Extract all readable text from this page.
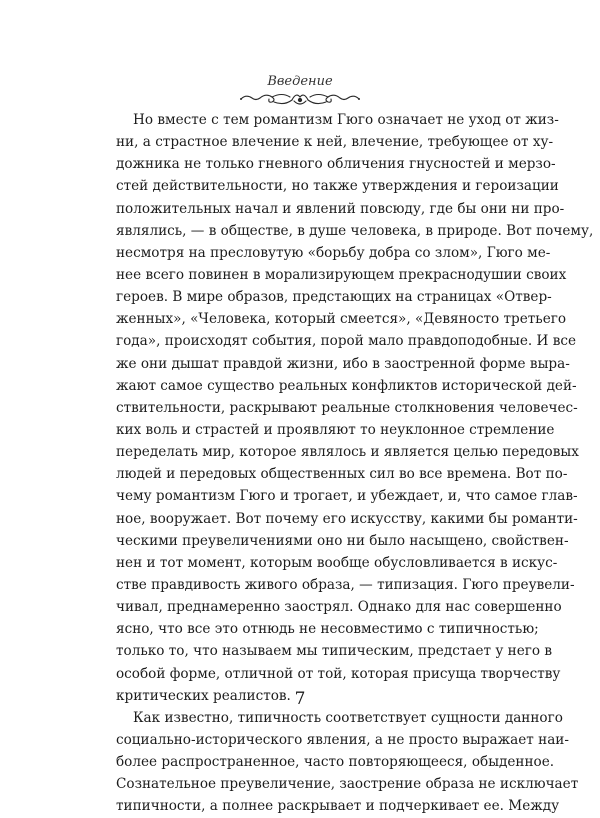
Введение
Но вместе с тем романтизм Гюго означает не уход от жиз-
ни, а страстное влечение к ней, влечение, требующее от ху-
дожника не только гневного обличения гнусностей и мерзо-
стей действительности, но также утверждения и героизации
положительных начал и явлений повсюду, где бы они ни про-
являлись, — в обществе, в душе человека, в природе. Вот почему,
несмотря на пресловутую «борьбу добра со злом», Гюго ме-
нее всего повинен в морализирующем прекраснодушии своих
героев. В мире образов, предстающих на страницах «Отвер-
женных», «Человека, который смеется», «Девяносто третьего
года», происходят события, порой мало правдоподобные. И все
же они дышат правдой жизни, ибо в заостренной форме выра-
жают самое существо реальных конфликтов исторической дей-
ствительности, раскрывают реальные столкновения человечес-
ких воль и страстей и проявляют то неуклонное стремление
переделать мир, которое являлось и является целью передовых
людей и передовых общественных сил во все времена. Вот по-
чему романтизм Гюго и трогает, и убеждает, и, что самое глав-
ное, вооружает. Вот почему его искусству, какими бы романти-
ческими преувеличениями оно ни было насыщено, свойствен-
нен и тот момент, которым вообще обусловливается в искус-
стве правдивость живого образа, — типизация. Гюго преувели-
чивал, преднамеренно заострял. Однако для нас совершенно
ясно, что все это отнюдь не несовместимо с типичностью;
только то, что называем мы типическим, предстает у него в
особой форме, отличной от той, которая присуща творчеству
критических реалистов.
Как известно, типичность соответствует сущности данного
социально-исторического явления, а не просто выражает наи-
более распространенное, часто повторяющееся, обыденное.
Сознательное преувеличение, заострение образа не исключает
типичности, а полнее раскрывает и подчеркивает ее. Между
7
